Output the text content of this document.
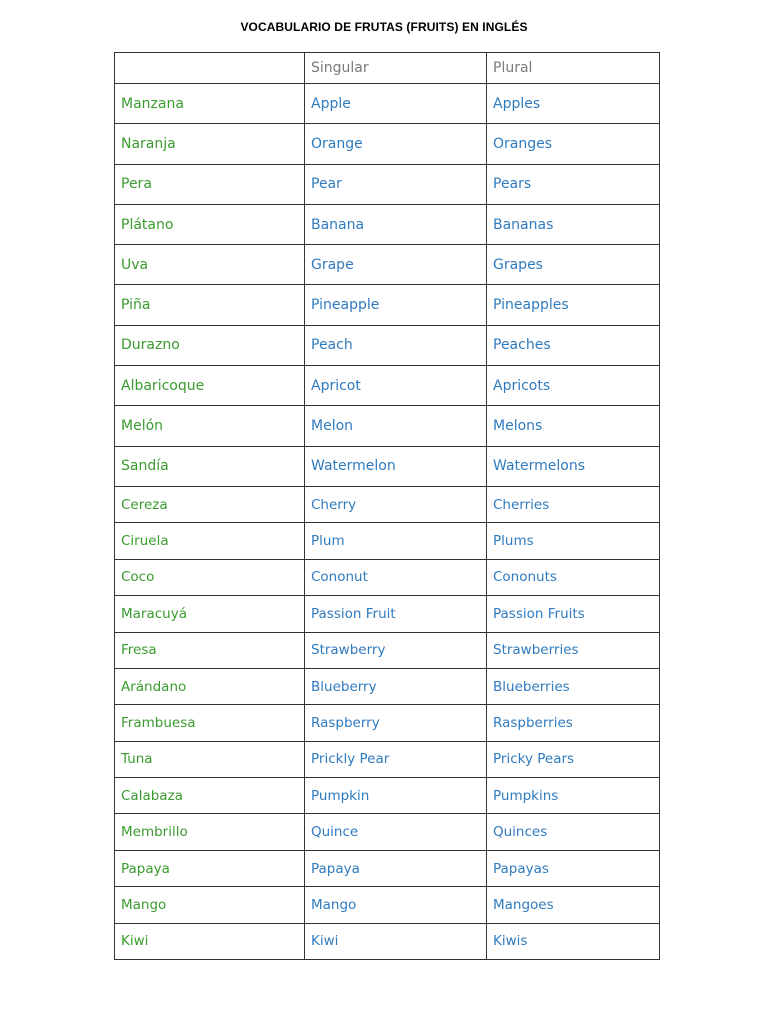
VOCABULARIO DE FRUTAS (FRUITS) EN INGLÉS
	Singular	Plural
Manzana	Apple	Apples
Naranja	Orange	Oranges
Pera	Pear	Pears
Plátano	Banana	Bananas
Uva	Grape	Grapes
Piña	Pineapple	Pineapples
Durazno	Peach	Peaches
Albaricoque	Apricot	Apricots
Melón	Melon	Melons
Sandía	Watermelon	Watermelons
Cereza	Cherry	Cherries
Ciruela	Plum	Plums
Coco	Cononut	Cononuts
Maracuyá	Passion Fruit	Passion Fruits
Fresa	Strawberry	Strawberries
Arándano	Blueberry	Blueberries
Frambuesa	Raspberry	Raspberries
Tuna	Prickly Pear	Pricky Pears
Calabaza	Pumpkin	Pumpkins
Membrillo	Quince	Quinces
Papaya	Papaya	Papayas
Mango	Mango	Mangoes
Kiwi	Kiwi	Kiwis
